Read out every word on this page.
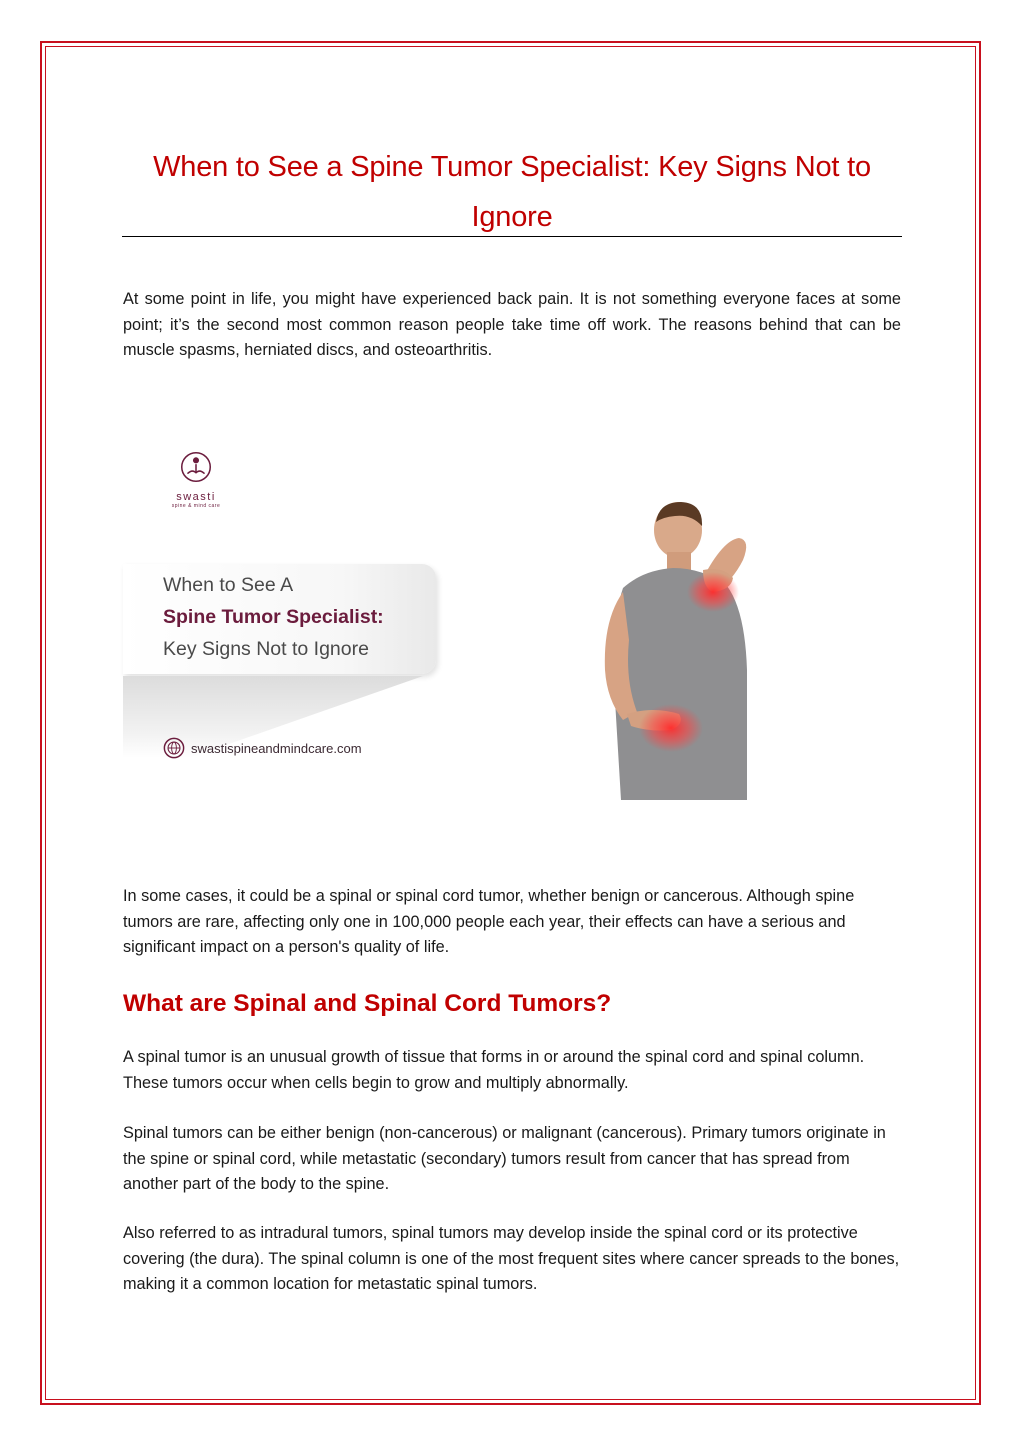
When to See a Spine Tumor Specialist: Key Signs Not to Ignore

At some point in life, you might have experienced back pain. It is not something everyone faces at some point; it’s the second most common reason people take time off work. The reasons behind that can be muscle spasms, herniated discs, and osteoarthritis.

swasti
spine & mind care
When to See A
Spine Tumor Specialist:
Key Signs Not to Ignore
swastispineandmindcare.com

In some cases, it could be a spinal or spinal cord tumor, whether benign or cancerous. Although spine tumors are rare, affecting only one in 100,000 people each year, their effects can have a serious and significant impact on a person's quality of life.

What are Spinal and Spinal Cord Tumors?

A spinal tumor is an unusual growth of tissue that forms in or around the spinal cord and spinal column. These tumors occur when cells begin to grow and multiply abnormally.

Spinal tumors can be either benign (non-cancerous) or malignant (cancerous). Primary tumors originate in the spine or spinal cord, while metastatic (secondary) tumors result from cancer that has spread from another part of the body to the spine.

Also referred to as intradural tumors, spinal tumors may develop inside the spinal cord or its protective covering (the dura). The spinal column is one of the most frequent sites where cancer spreads to the bones, making it a common location for metastatic spinal tumors.
